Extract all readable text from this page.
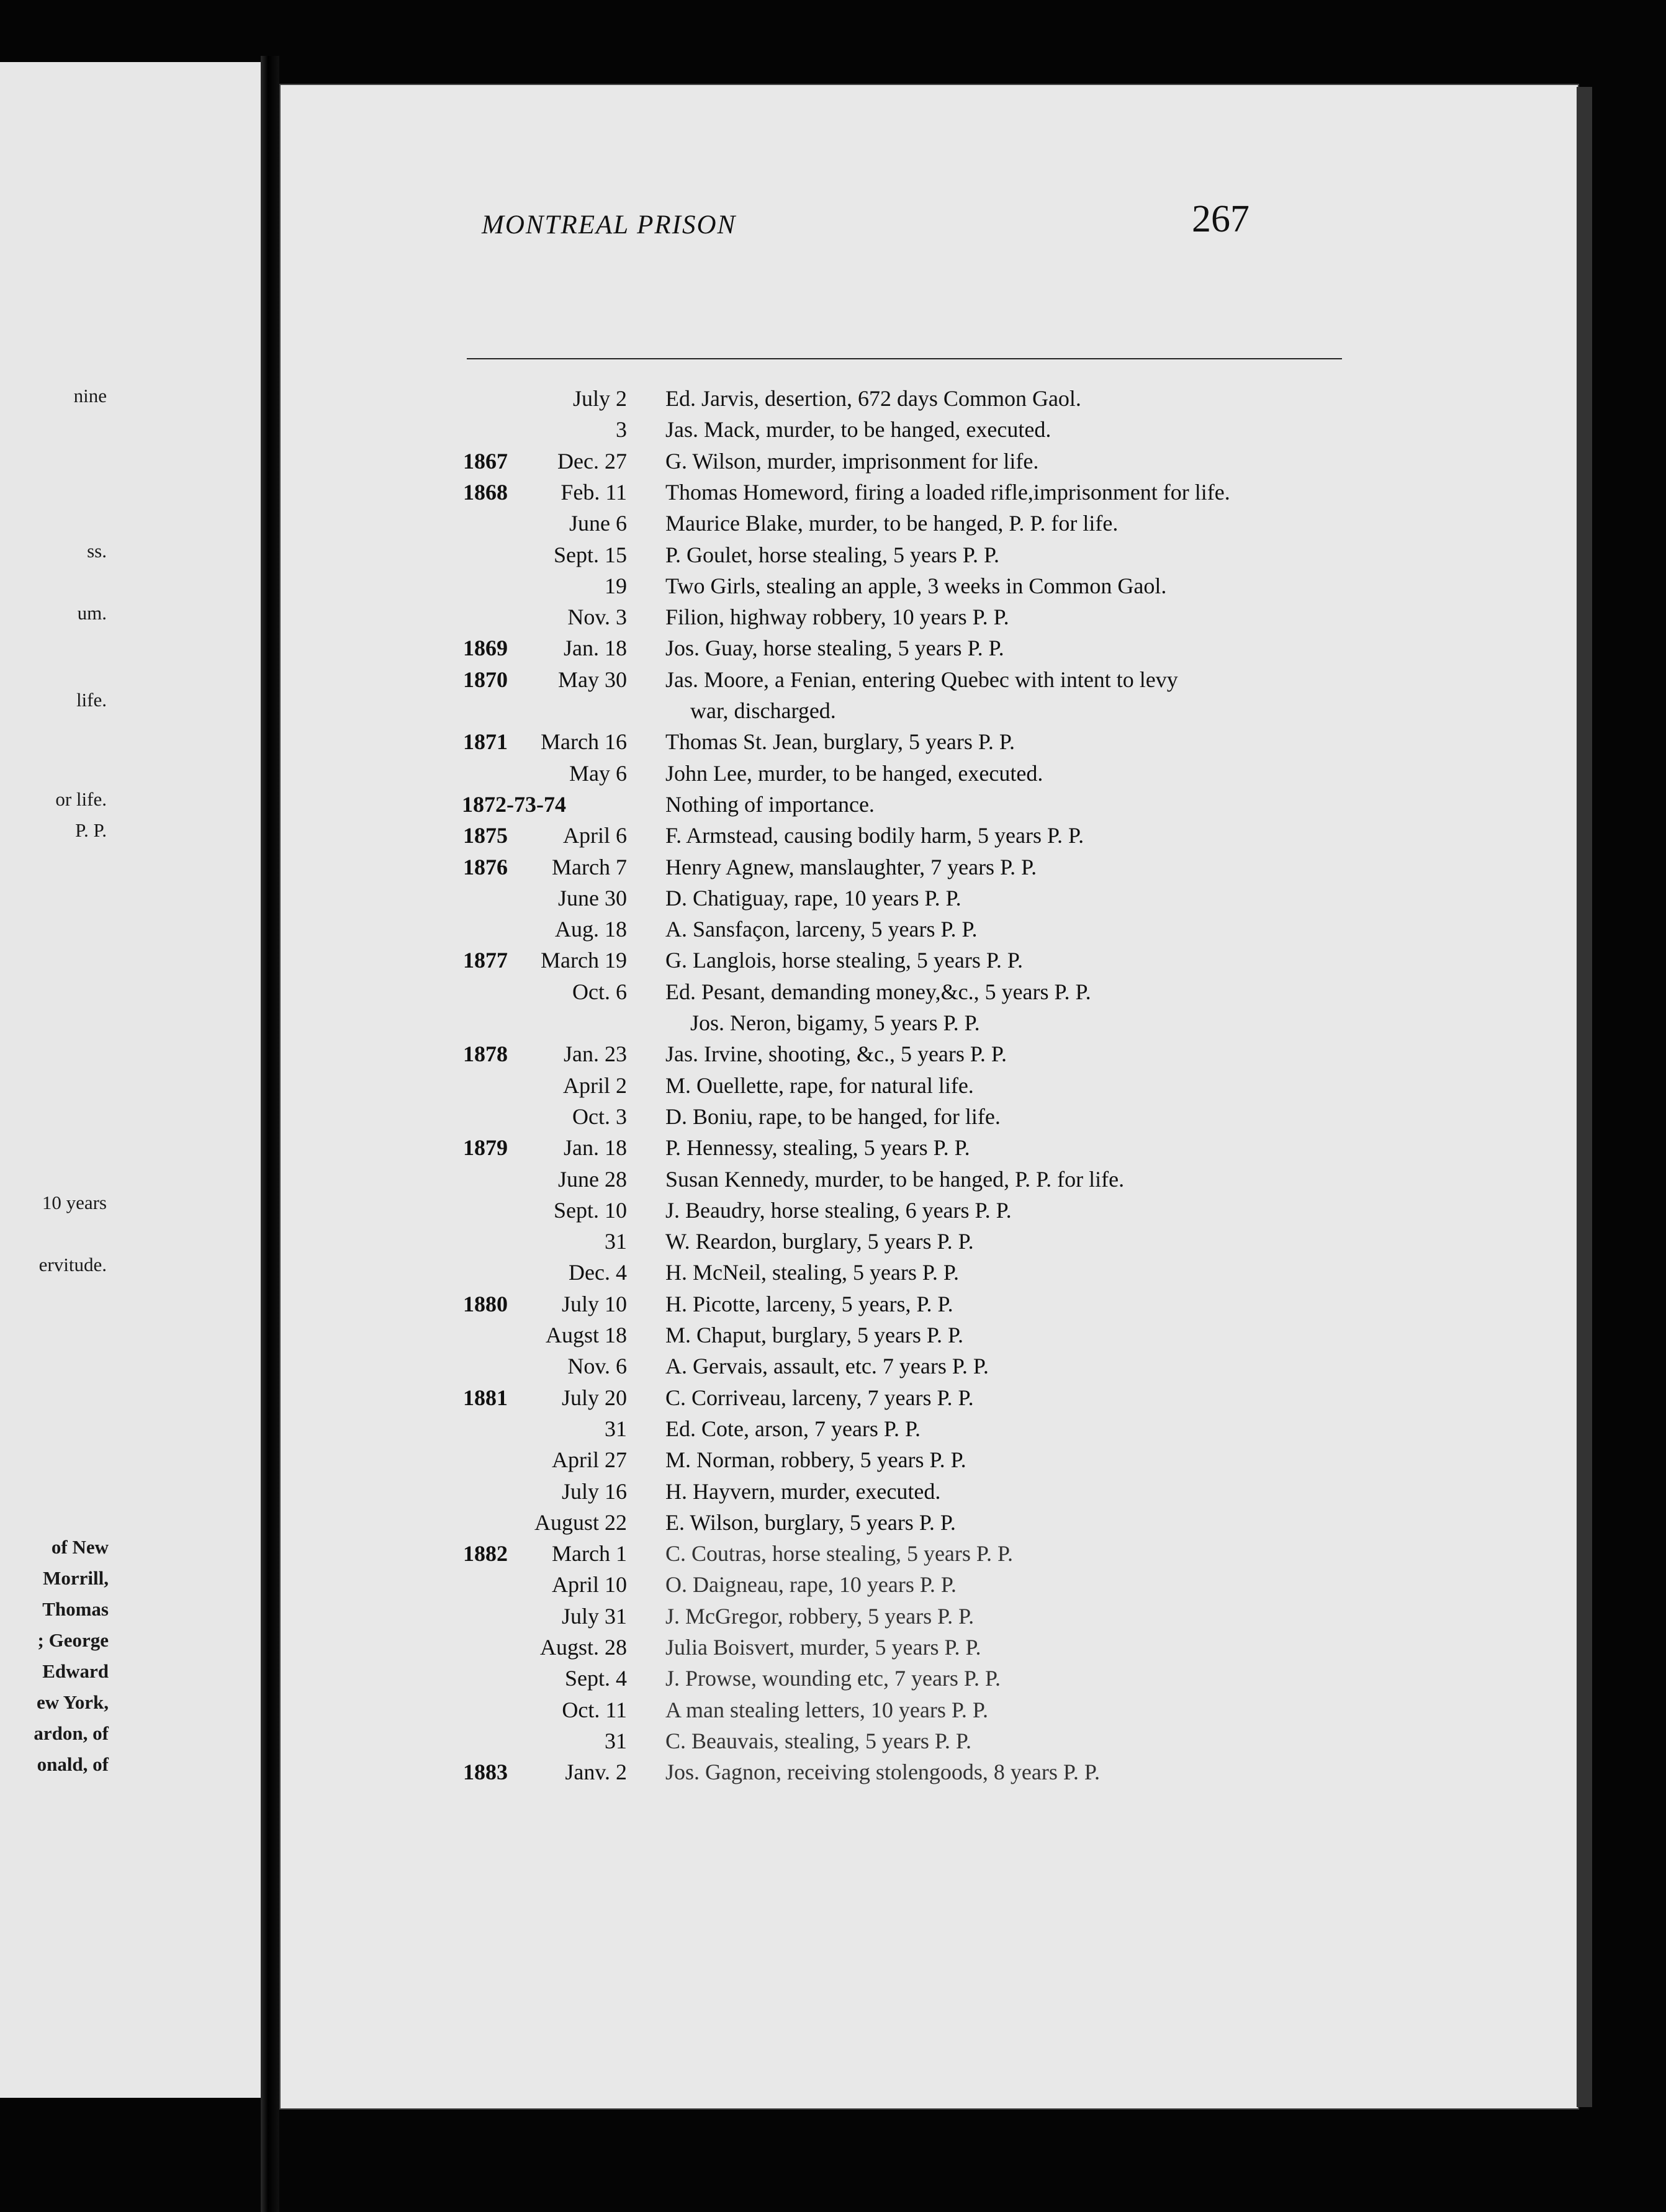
nine
ss.
um.
life.
or life.
P. P.
10 years
ervitude.
of New
Morrill,
Thomas
; George
Edward
ew York,
ardon, of
onald, of
MONTREAL PRISON	267
July 2 Ed. Jarvis, desertion, 672 days Common Gaol.
3 Jas. Mack, murder, to be hanged, executed.
1867	Dec. 27 G. Wilson, murder, imprisonment for life.
1868	Feb. 11 Thomas Homeword, firing a loaded rifle,imprisonment for life.
June 6 Maurice Blake, murder, to be hanged, P. P. for life.
Sept. 15 P. Goulet, horse stealing, 5 years P. P.
19 Two Girls, stealing an apple, 3 weeks in Common Gaol.
Nov. 3 Filion, highway robbery, 10 years P. P.
1869	Jan. 18 Jos. Guay, horse stealing, 5 years P. P.
1870	May 30 Jas. Moore, a Fenian, entering Quebec with intent to levy
war, discharged.
1871	March 16 Thomas St. Jean, burglary, 5 years P. P.
May 6 John Lee, murder, to be hanged, executed.
1872-73-74	Nothing of importance.
1875	April 6 F. Armstead, causing bodily harm, 5 years P. P.
1876	March 7 Henry Agnew, manslaughter, 7 years P. P.
June 30 D. Chatiguay, rape, 10 years P. P.
Aug. 18 A. Sansfaçon, larceny, 5 years P. P.
1877	March 19 G. Langlois, horse stealing, 5 years P. P.
Oct. 6 Ed. Pesant, demanding money,&c., 5 years P. P.
Jos. Neron, bigamy, 5 years P. P.
1878	Jan. 23 Jas. Irvine, shooting, &c., 5 years P. P.
April 2 M. Ouellette, rape, for natural life.
Oct. 3 D. Boniu, rape, to be hanged, for life.
1879	Jan. 18 P. Hennessy, stealing, 5 years P. P.
June 28 Susan Kennedy, murder, to be hanged, P. P. for life.
Sept. 10 J. Beaudry, horse stealing, 6 years P. P.
31 W. Reardon, burglary, 5 years P. P.
Dec. 4 H. McNeil, stealing, 5 years P. P.
1880	July 10 H. Picotte, larceny, 5 years, P. P.
Augst 18 M. Chaput, burglary, 5 years P. P.
Nov. 6 A. Gervais, assault, etc. 7 years P. P.
1881	July 20 C. Corriveau, larceny, 7 years P. P.
31 Ed. Cote, arson, 7 years P. P.
April 27 M. Norman, robbery, 5 years P. P.
July 16 H. Hayvern, murder, executed.
August 22 E. Wilson, burglary, 5 years P. P.
1882	March 1 C. Coutras, horse stealing, 5 years P. P.
April 10 O. Daigneau, rape, 10 years P. P.
July 31 J. McGregor, robbery, 5 years P. P.
Augst. 28 Julia Boisvert, murder, 5 years P. P.
Sept. 4 J. Prowse, wounding etc, 7 years P. P.
Oct. 11 A man stealing letters, 10 years P. P.
31 C. Beauvais, stealing, 5 years P. P.
1883	Janv. 2 Jos. Gagnon, receiving stolengoods, 8 years P. P.
